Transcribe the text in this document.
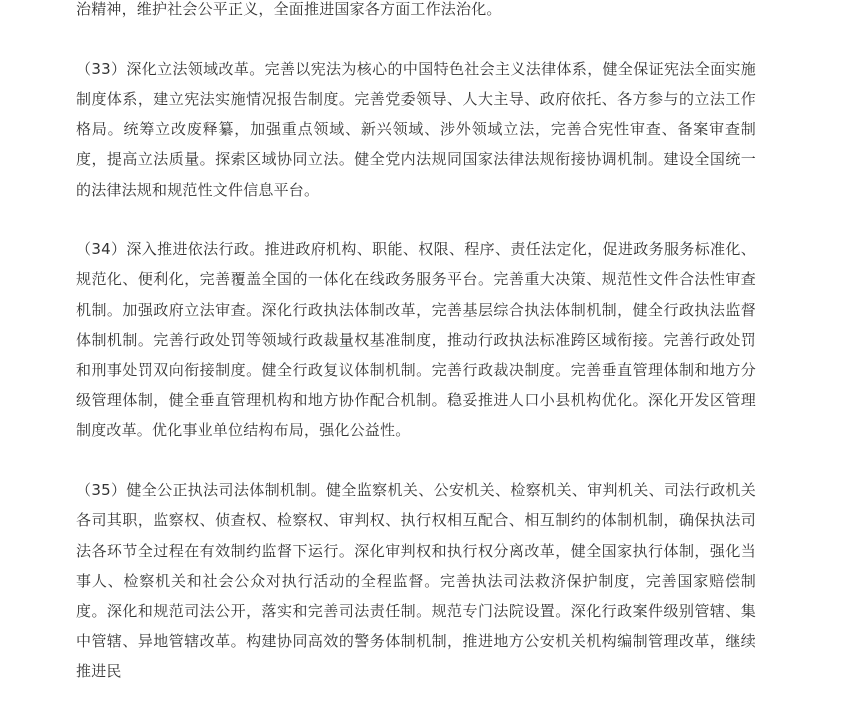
治精神，维护社会公平正义，全面推进国家各方面工作法治化。

（33）深化立法领域改革。完善以宪法为核心的中国特色社会主义法律体系，健全保证宪法全面实施制度体系，建立宪法实施情况报告制度。完善党委领导、人大主导、政府依托、各方参与的立法工作格局。统筹立改废释纂，加强重点领域、新兴领域、涉外领域立法，完善合宪性审查、备案审查制度，提高立法质量。探索区域协同立法。健全党内法规同国家法律法规衔接协调机制。建设全国统一的法律法规和规范性文件信息平台。

（34）深入推进依法行政。推进政府机构、职能、权限、程序、责任法定化，促进政务服务标准化、规范化、便利化，完善覆盖全国的一体化在线政务服务平台。完善重大决策、规范性文件合法性审查机制。加强政府立法审查。深化行政执法体制改革，完善基层综合执法体制机制，健全行政执法监督体制机制。完善行政处罚等领域行政裁量权基准制度，推动行政执法标准跨区域衔接。完善行政处罚和刑事处罚双向衔接制度。健全行政复议体制机制。完善行政裁决制度。完善垂直管理体制和地方分级管理体制，健全垂直管理机构和地方协作配合机制。稳妥推进人口小县机构优化。深化开发区管理制度改革。优化事业单位结构布局，强化公益性。

（35）健全公正执法司法体制机制。健全监察机关、公安机关、检察机关、审判机关、司法行政机关各司其职，监察权、侦查权、检察权、审判权、执行权相互配合、相互制约的体制机制，确保执法司法各环节全过程在有效制约监督下运行。深化审判权和执行权分离改革，健全国家执行体制，强化当事人、检察机关和社会公众对执行活动的全程监督。完善执法司法救济保护制度，完善国家赔偿制度。深化和规范司法公开，落实和完善司法责任制。规范专门法院设置。深化行政案件级别管辖、集中管辖、异地管辖改革。构建协同高效的警务体制机制，推进地方公安机关机构编制管理改革，继续推进民
